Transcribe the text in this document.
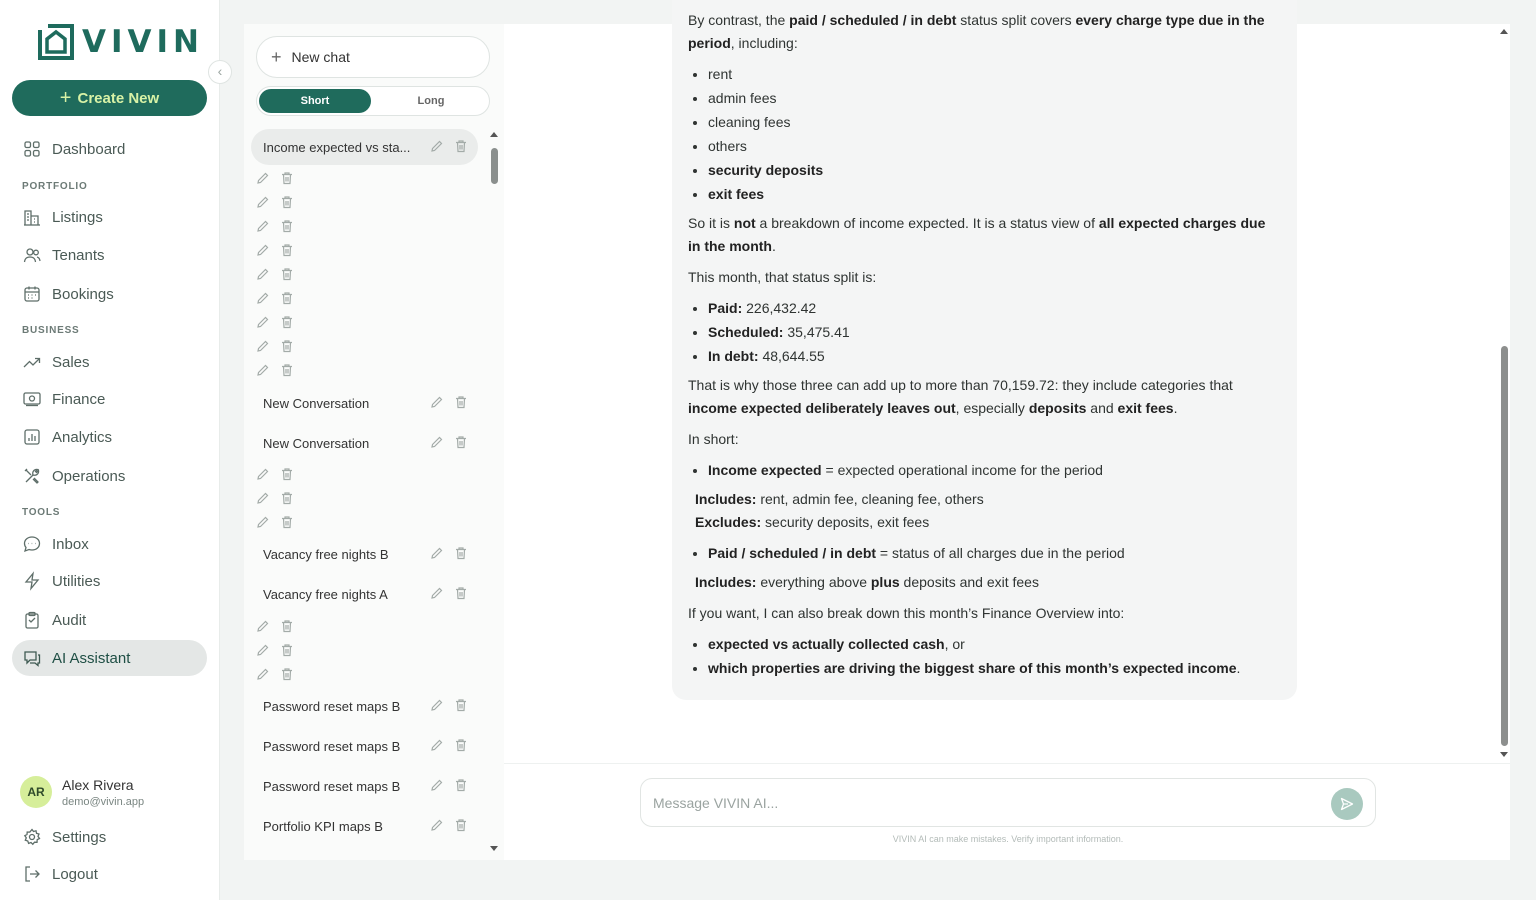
VIVIN
+ Create New
Dashboard
PORTFOLIO
Listings
Tenants
Bookings
BUSINESS
Sales
Finance
Analytics
Operations
TOOLS
Inbox
Utilities
Audit
AI Assistant
AR	Alex Rivera
demo@vivin.app
Settings
Logout
‹
+ New chat
Short	Long
Income expected vs sta...
New Conversation
New Conversation
Vacancy free nights B
Vacancy free nights A
Password reset maps B
Password reset maps B
Password reset maps B
Portfolio KPI maps B
•

By contrast, the paid / scheduled / in debt status split covers every charge type due in the period, including:

• rent
• admin fees
• cleaning fees
• others
• security deposits
• exit fees

So it is not a breakdown of income expected. It is a status view of all expected charges due in the month.

This month, that status split is:

• Paid: 226,432.42
• Scheduled: 35,475.41
• In debt: 48,644.55

That is why those three can add up to more than 70,159.72: they include categories that income expected deliberately leaves out, especially deposits and exit fees.

In short:

• Income expected = expected operational income for the period
Includes: rent, admin fee, cleaning fee, others
Excludes: security deposits, exit fees
• Paid / scheduled / in debt = status of all charges due in the period
Includes: everything above plus deposits and exit fees

If you want, I can also break down this month’s Finance Overview into:

• expected vs actually collected cash, or
• which properties are driving the biggest share of this month’s expected income.
Message VIVIN AI...
VIVIN AI can make mistakes. Verify important information.
